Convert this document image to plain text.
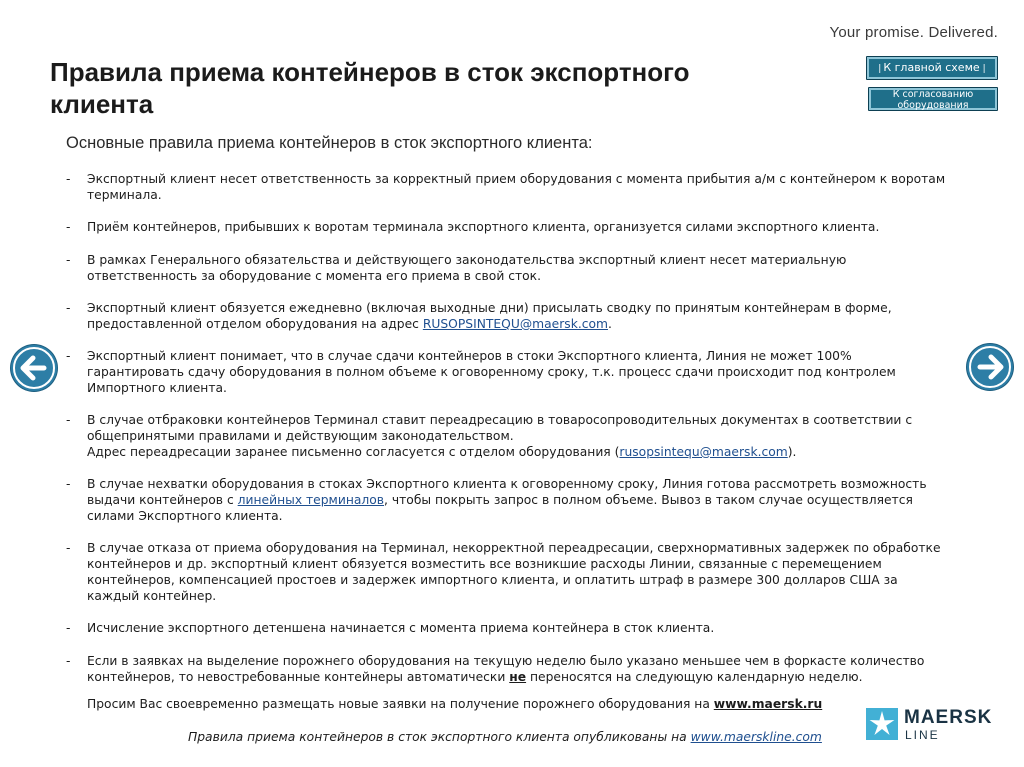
Your promise. Delivered.
Правила приема контейнеров в сток экспортного
клиента
| К главной схеме |
К согласованию
оборудования
Основные правила приема контейнеров в сток экспортного клиента:
- Экспортный клиент несет ответственность за корректный прием оборудования с момента прибытия а/м с контейнером к воротам
терминала.
- Приём контейнеров, прибывших к воротам терминала экспортного клиента, организуется силами экспортного клиента.
- В рамках Генерального обязательства и действующего законодательства экспортный клиент несет материальную
ответственность за оборудование с момента его приема в свой сток.
- Экспортный клиент обязуется ежедневно (включая выходные дни) присылать сводку по принятым контейнерам в форме,
предоставленной отделом оборудования на адрес RUSOPSINTEQU@maersk.com.
- Экспортный клиент понимает, что в случае сдачи контейнеров в стоки Экспортного клиента, Линия не может 100%
гарантировать сдачу оборудования в полном объеме к оговоренному сроку, т.к. процесс сдачи происходит под контролем
Импортного клиента.
- В случае отбраковки контейнеров Терминал ставит переадресацию в товаросопроводительных документах в соответствии с
общепринятыми правилами и действующим законодательством.
Адрес переадресации заранее письменно согласуется с отделом оборудования (rusopsintequ@maersk.com).
- В случае нехватки оборудования в стоках Экспортного клиента к оговоренному сроку, Линия готова рассмотреть возможность
выдачи контейнеров с линейных терминалов, чтобы покрыть запрос в полном объеме. Вывоз в таком случае осуществляется
силами Экспортного клиента.
- В случае отказа от приема оборудования на Терминал, некорректной переадресации, сверхнормативных задержек по обработке
контейнеров и др. экспортный клиент обязуется возместить все возникшие расходы Линии, связанные с перемещением
контейнеров, компенсацией простоев и задержек импортного клиента, и оплатить штраф в размере 300 долларов США за
каждый контейнер.
- Исчисление экспортного детеншена начинается с момента приема контейнера в сток клиента.
- Если в заявках на выделение порожнего оборудования на текущую неделю было указано меньшее чем в форкасте количество
контейнеров, то невостребованные контейнеры автоматически не переносятся на следующую календарную неделю.
Просим Вас своевременно размещать новые заявки на получение порожнего оборудования на www.maersk.ru
Правила приема контейнеров в сток экспортного клиента опубликованы на www.maerskline.com
MAERSK
LINE
